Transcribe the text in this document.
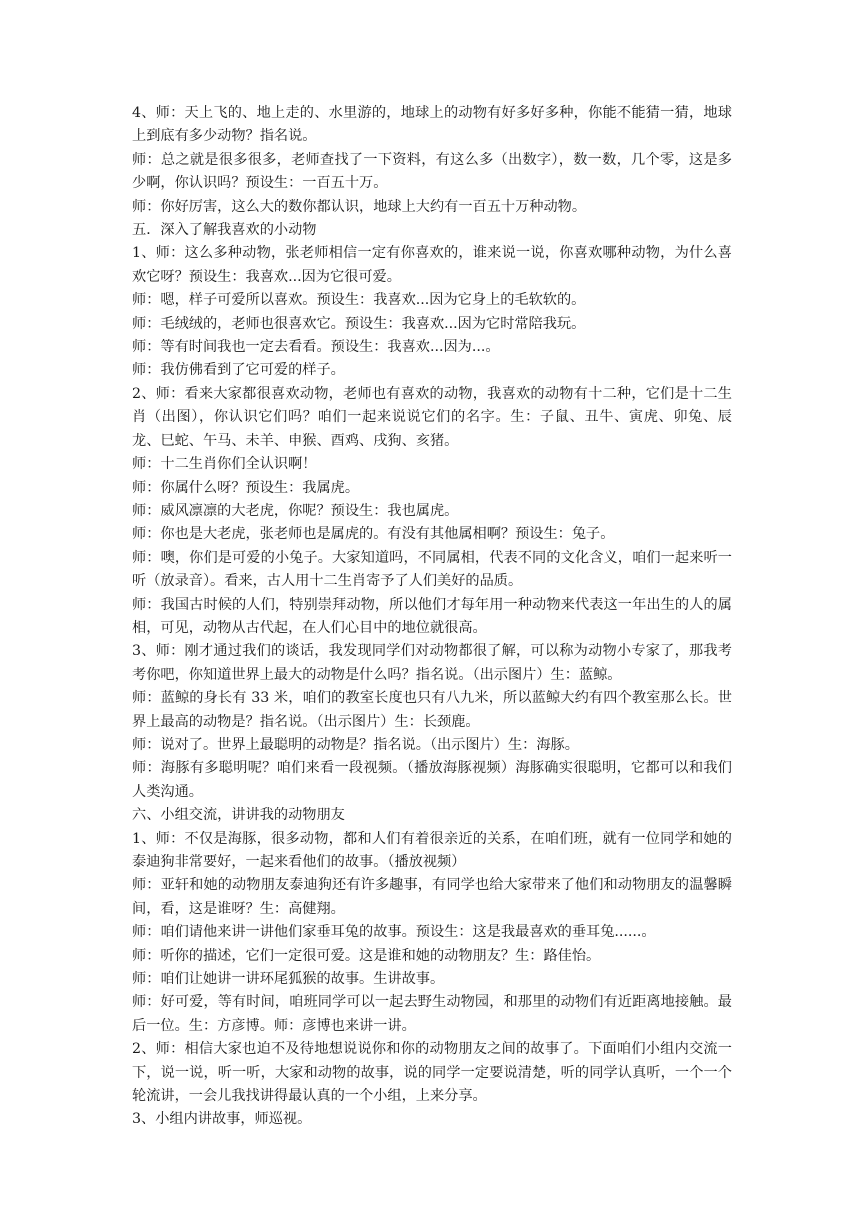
4、师：天上飞的、地上走的、水里游的，地球上的动物有好多好多种，你能不能猜一猜，地球上到底有多少动物？指名说。

师：总之就是很多很多，老师查找了一下资料，有这么多（出数字），数一数，几个零，这是多少啊，你认识吗？预设生：一百五十万。

师：你好厉害，这么大的数你都认识，地球上大约有一百五十万种动物。

五．深入了解我喜欢的小动物

1、师：这么多种动物，张老师相信一定有你喜欢的，谁来说一说，你喜欢哪种动物，为什么喜欢它呀？预设生：我喜欢...因为它很可爱。

师：嗯，样子可爱所以喜欢。预设生：我喜欢...因为它身上的毛软软的。

师：毛绒绒的，老师也很喜欢它。预设生：我喜欢...因为它时常陪我玩。

师：等有时间我也一定去看看。预设生：我喜欢...因为...。

师：我仿佛看到了它可爱的样子。

2、师：看来大家都很喜欢动物，老师也有喜欢的动物，我喜欢的动物有十二种，它们是十二生肖（出图），你认识它们吗？咱们一起来说说它们的名字。生：子鼠、丑牛、寅虎、卯兔、辰龙、巳蛇、午马、未羊、申猴、酉鸡、戌狗、亥猪。

师：十二生肖你们全认识啊！

师：你属什么呀？预设生：我属虎。

师：威风凛凛的大老虎，你呢？预设生：我也属虎。

师：你也是大老虎，张老师也是属虎的。有没有其他属相啊？预设生：兔子。

师：噢，你们是可爱的小兔子。大家知道吗，不同属相，代表不同的文化含义，咱们一起来听一听（放录音）。看来，古人用十二生肖寄予了人们美好的品质。

师：我国古时候的人们，特别崇拜动物，所以他们才每年用一种动物来代表这一年出生的人的属相，可见，动物从古代起，在人们心目中的地位就很高。

3、师：刚才通过我们的谈话，我发现同学们对动物都很了解，可以称为动物小专家了，那我考考你吧，你知道世界上最大的动物是什么吗？指名说。（出示图片）生：蓝鲸。

师：蓝鲸的身长有 33 米，咱们的教室长度也只有八九米，所以蓝鲸大约有四个教室那么长。世界上最高的动物是？指名说。（出示图片）生：长颈鹿。

师：说对了。世界上最聪明的动物是？指名说。（出示图片）生：海豚。

师：海豚有多聪明呢？咱们来看一段视频。（播放海豚视频）海豚确实很聪明，它都可以和我们人类沟通。

六、小组交流，讲讲我的动物朋友

1、师：不仅是海豚，很多动物，都和人们有着很亲近的关系，在咱们班，就有一位同学和她的泰迪狗非常要好，一起来看他们的故事。（播放视频）

师：亚轩和她的动物朋友泰迪狗还有许多趣事，有同学也给大家带来了他们和动物朋友的温馨瞬间，看，这是谁呀？生：高健翔。

师：咱们请他来讲一讲他们家垂耳兔的故事。预设生：这是我最喜欢的垂耳兔......。

师：听你的描述，它们一定很可爱。这是谁和她的动物朋友？生：路佳怡。

师：咱们让她讲一讲环尾狐猴的故事。生讲故事。

师：好可爱，等有时间，咱班同学可以一起去野生动物园，和那里的动物们有近距离地接触。最后一位。生：方彦博。师：彦博也来讲一讲。

2、师：相信大家也迫不及待地想说说你和你的动物朋友之间的故事了。下面咱们小组内交流一下，说一说，听一听，大家和动物的故事，说的同学一定要说清楚，听的同学认真听，一个一个轮流讲，一会儿我找讲得最认真的一个小组，上来分享。

3、小组内讲故事，师巡视。
